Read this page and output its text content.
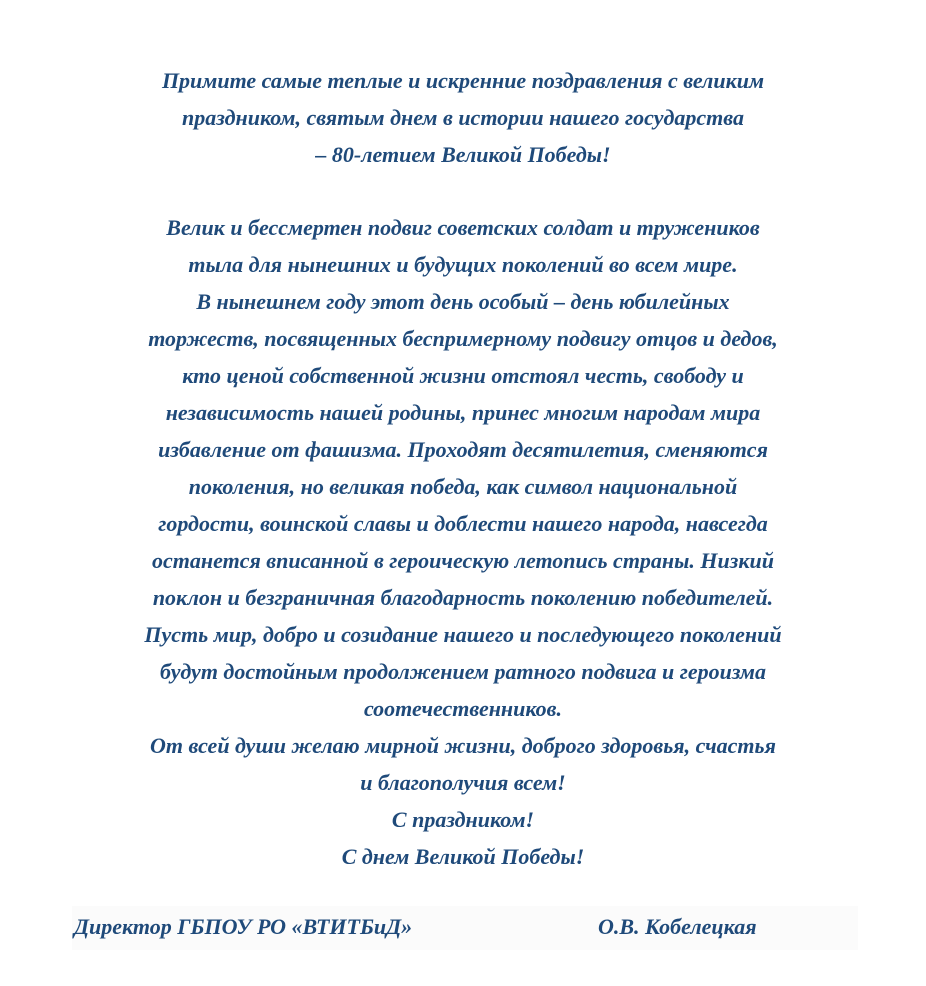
Примите самые теплые и искренние поздравления с великим
праздником, святым днем в истории нашего государства
– 80-летием Великой Победы!
Велик и бессмертен подвиг советских солдат и тружеников
тыла для нынешних и будущих поколений во всем мире.
В нынешнем году этот день особый – день юбилейных
торжеств, посвященных беспримерному подвигу отцов и дедов,
кто ценой собственной жизни отстоял честь, свободу и
независимость нашей родины, принес многим народам мира
избавление от фашизма. Проходят десятилетия, сменяются
поколения, но великая победа, как символ национальной
гордости, воинской славы и доблести нашего народа, навсегда
останется вписанной в героическую летопись страны. Низкий
поклон и безграничная благодарность поколению победителей.
Пусть мир, добро и созидание нашего и последующего поколений
будут достойным продолжением ратного подвига и героизма
соотечественников.
От всей души желаю мирной жизни, доброго здоровья, счастья
и благополучия всем!
С праздником!
С днем Великой Победы!
Директор ГБПОУ РО «ВТИТБиД»	О.В. Кобелецкая
